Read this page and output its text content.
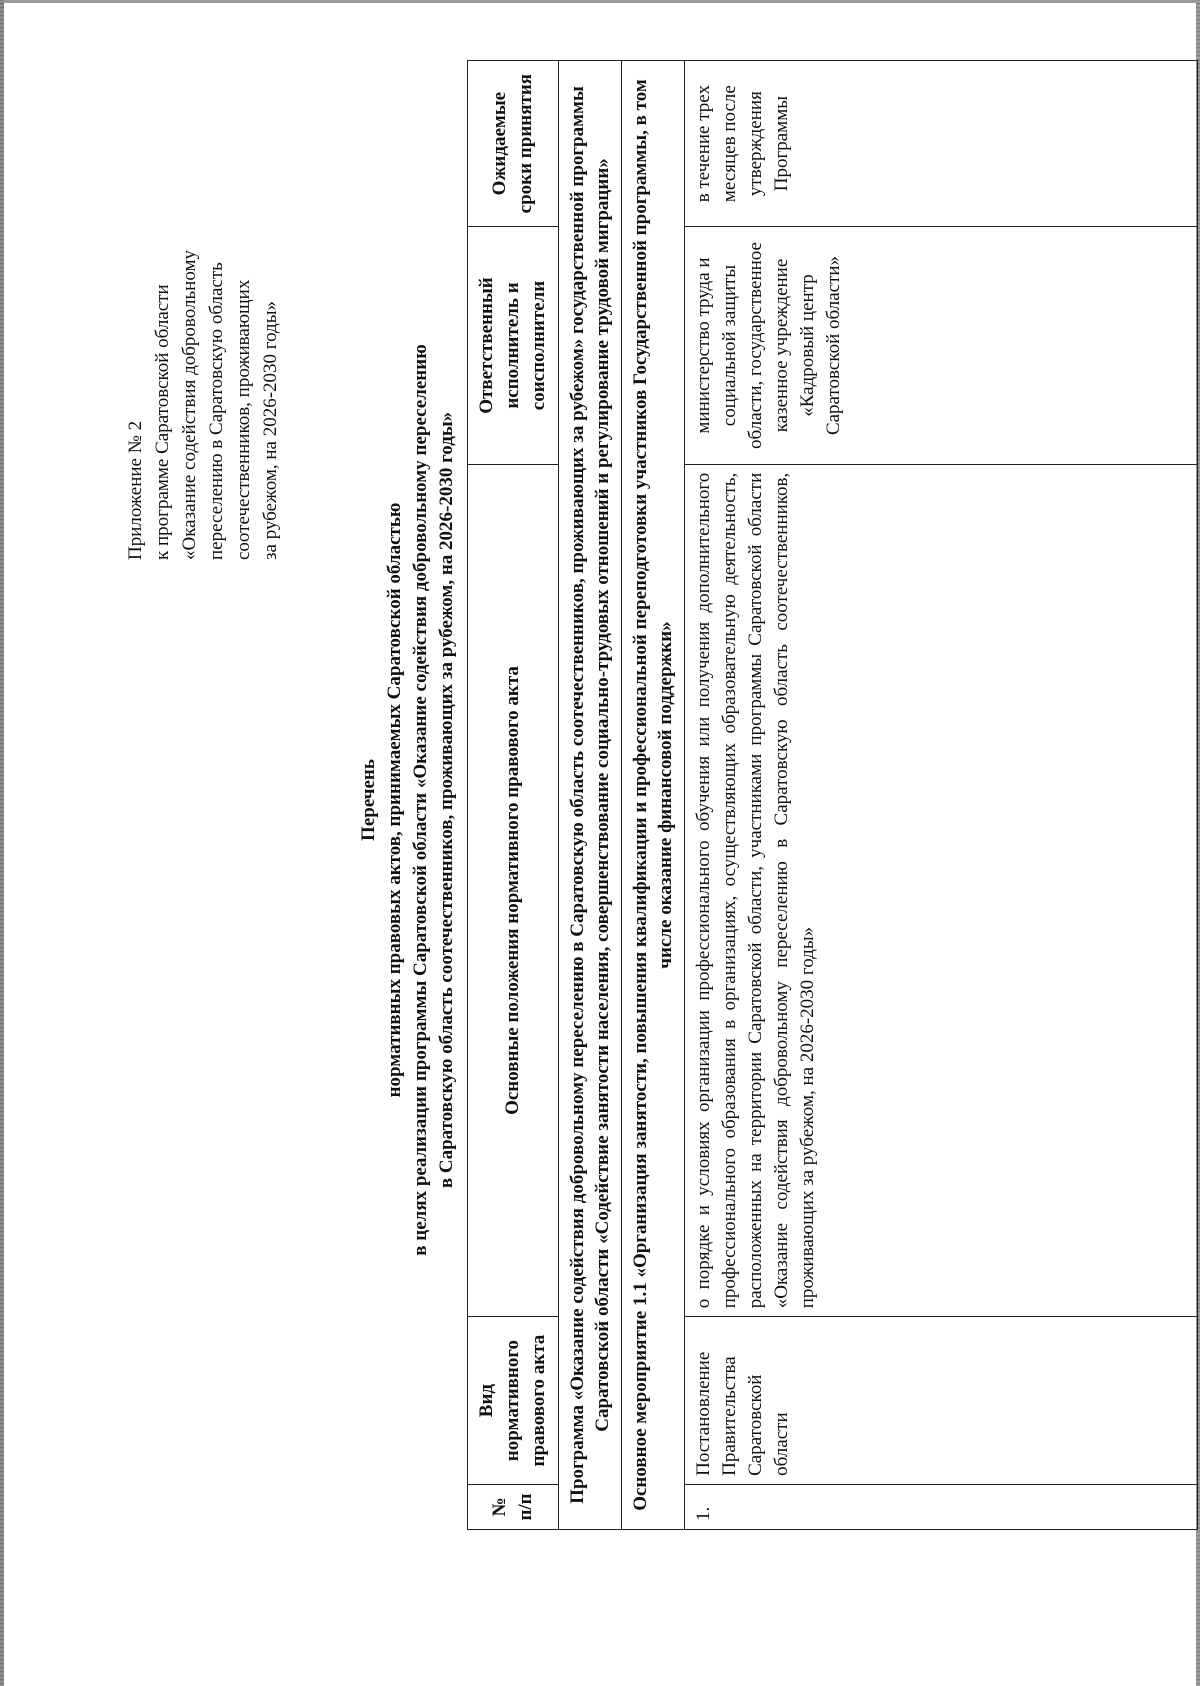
Приложение № 2 к программе Саратовской области «Оказание содействия добровольному переселению в Саратовскую область соотечественников, проживающих за рубежом, на 2026-2030 годы»
Перечень нормативных правовых актов, принимаемых Саратовской областью в целях реализации программы Саратовской области «Оказание содействия добровольному переселению в Саратовскую область соотечественников, проживающих за рубежом, на 2026-2030 годы»
№ п/п	Вид нормативного правового акта	Основные положения нормативного правового акта	Ответственный исполнитель и соисполнители	Ожидаемые сроки принятия
Программа «Оказание содействия добровольному переселению в Саратовскую область соотечественников, проживающих за рубежом» государственной программы Саратовской области «Содействие занятости населения, совершенствование социально-трудовых отношений и регулирование трудовой миграции»				
Основное мероприятие 1.1 «Организация занятости, повышения квалификации и профессиональной переподготовки участников Государственной программы, в том числе оказание финансовой поддержки»				
1.	Постановление Правительства Саратовской области	о порядке и условиях организации профессионального обучения или получения дополнительного профессионального образования в организациях, осуществляющих образовательную деятельность, расположенных на территории Саратовской области, участниками программы Саратовской области «Оказание содействия добровольному переселению в Саратовскую область соотечественников, проживающих за рубежом, на 2026-2030 годы»	министерство труда и социальной защиты области, государственное казенное учреждение «Кадровый центр Саратовской области»	в течение трех месяцев после утверждения Программы
